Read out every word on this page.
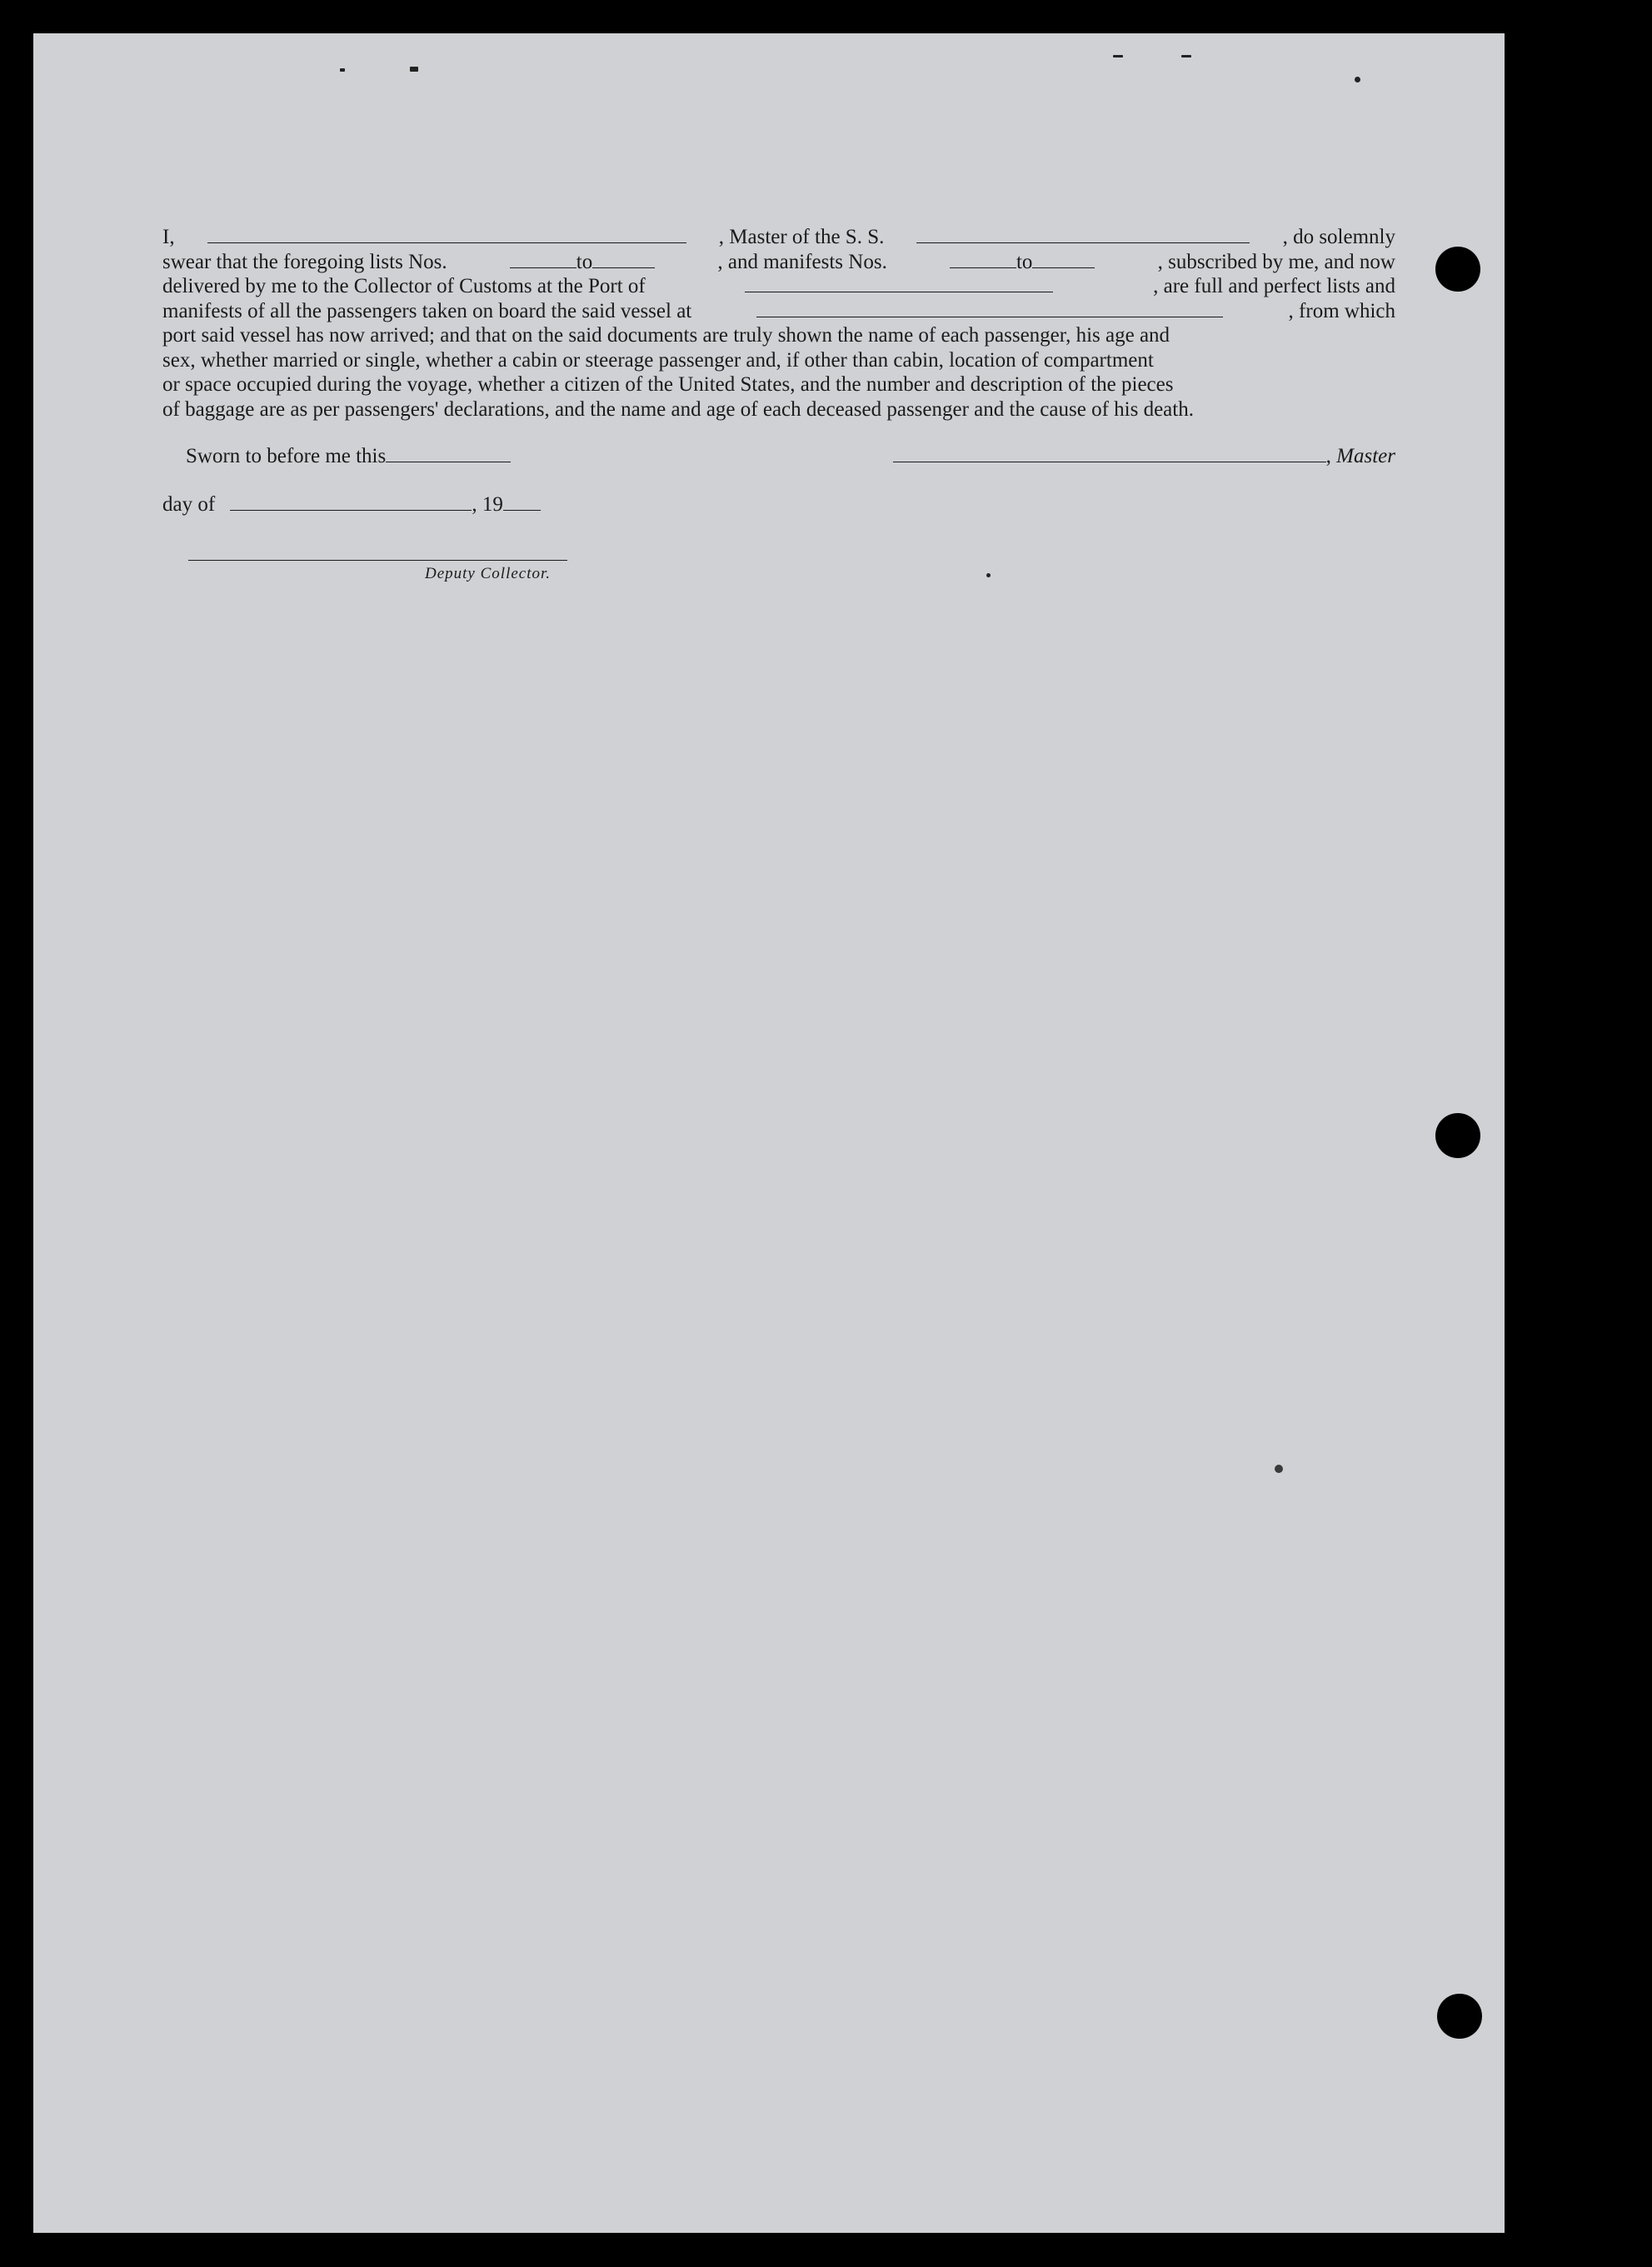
I,	, Master of the S. S.	, do solemnly
swear that the foregoing lists Nos.	to	, and manifests Nos.	to	, subscribed by me, and now
delivered by me to the Collector of Customs at the Port of	, are full and perfect lists and
manifests of all the passengers taken on board the said vessel at	, from which
port said vessel has now arrived; and that on the said documents are truly shown the name of each passenger, his age and
sex, whether married or single, whether a cabin or steerage passenger and, if other than cabin, location of compartment
or space occupied during the voyage, whether a citizen of the United States, and the number and description of the pieces
of baggage are as per passengers' declarations, and the name and age of each deceased passenger and the cause of his death.
Sworn to before me this	, Master
day of	, 19
Deputy Collector.
